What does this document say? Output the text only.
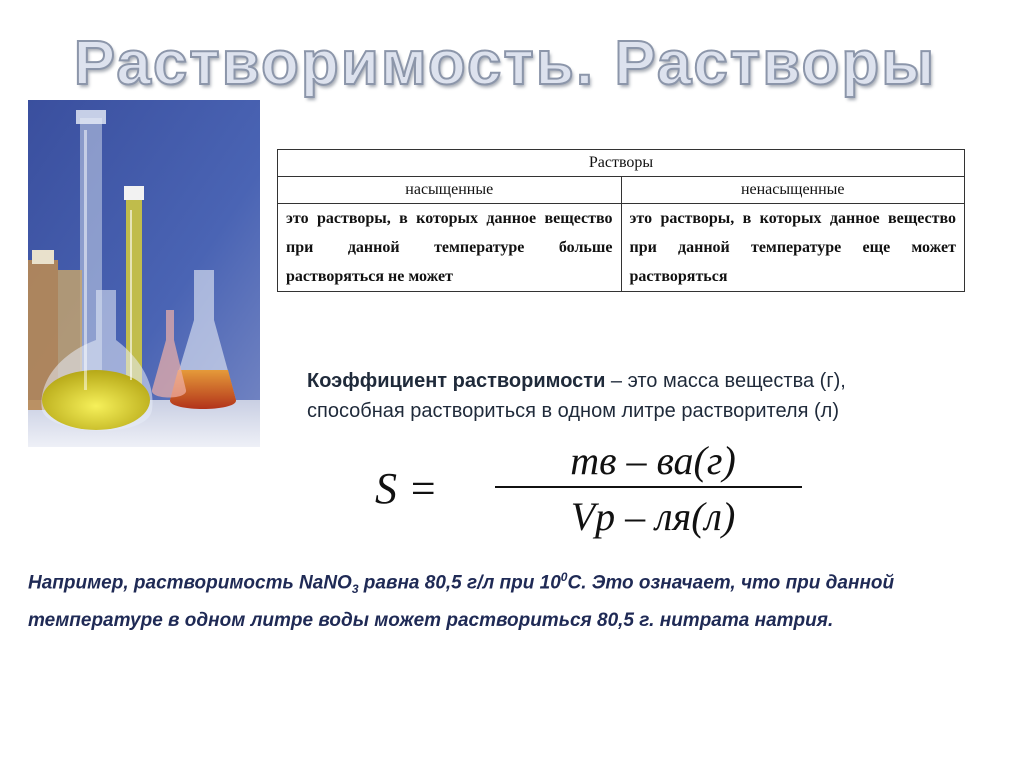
Растворимость. Растворы
Растворы	
насыщенные	ненасыщенные
это растворы, в которых данное вещество при данной температуре больше растворяться не может	это растворы, в которых данное вещество при данной температуре еще может растворяться
Коэффициент растворимости – это масса вещества (г), способная раствориться в одном литре растворителя (л)
S =
mв – ва(г)
Vр – ля(л)
Например, растворимость NaNO$_3$ равна 80,5 г/л при $10^0С$. Это означает, что при данной температуре в одном литре воды может раствориться 80,5 г. нитрата натрия.
